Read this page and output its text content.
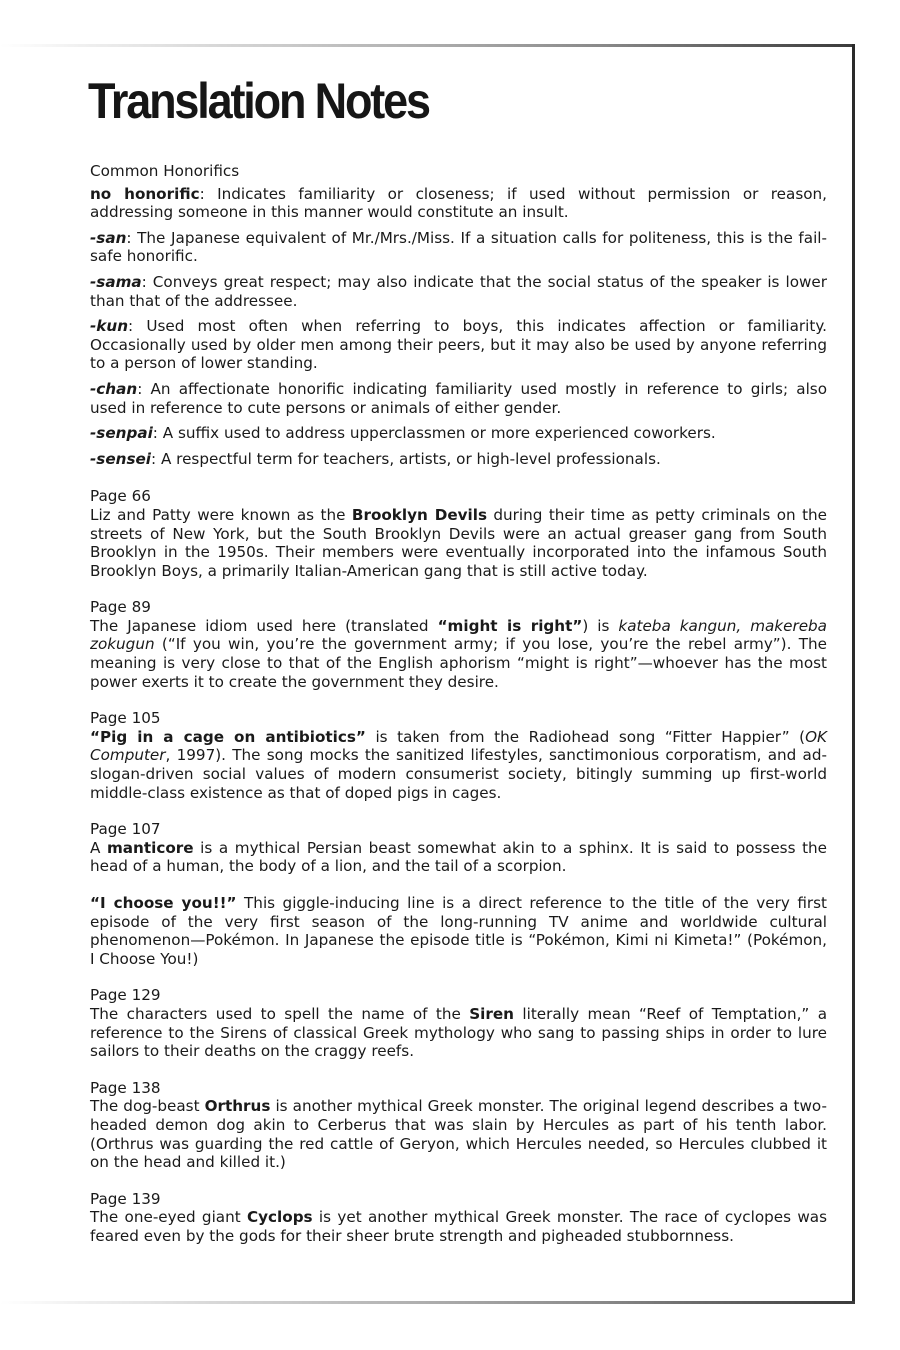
Translation Notes

Common Honorifics

no honorific: Indicates familiarity or closeness; if used without permission or reason, addressing someone in this manner would constitute an insult.

-san: The Japanese equivalent of Mr./Mrs./Miss. If a situation calls for politeness, this is the fail-safe honorific.

-sama: Conveys great respect; may also indicate that the social status of the speaker is lower than that of the addressee.

-kun: Used most often when referring to boys, this indicates affection or familiarity. Occasionally used by older men among their peers, but it may also be used by anyone referring to a person of lower standing.

-chan: An affectionate honorific indicating familiarity used mostly in reference to girls; also used in reference to cute persons or animals of either gender.

-senpai: A suffix used to address upperclassmen or more experienced coworkers.

-sensei: A respectful term for teachers, artists, or high-level professionals.

Page 66

Liz and Patty were known as the Brooklyn Devils during their time as petty criminals on the streets of New York, but the South Brooklyn Devils were an actual greaser gang from South Brooklyn in the 1950s. Their members were eventually incorporated into the infamous South Brooklyn Boys, a primarily Italian-American gang that is still active today.

Page 89

The Japanese idiom used here (translated “might is right”) is kateba kangun, makereba zokugun (“If you win, you’re the government army; if you lose, you’re the rebel army”). The meaning is very close to that of the English aphorism “might is right”—whoever has the most power exerts it to create the government they desire.

Page 105

“Pig in a cage on antibiotics” is taken from the Radiohead song “Fitter Happier” (OK Computer, 1997). The song mocks the sanitized lifestyles, sanctimonious corporatism, and ad-slogan-driven social values of modern consumerist society, bitingly summing up first-world middle-class existence as that of doped pigs in cages.

Page 107

A manticore is a mythical Persian beast somewhat akin to a sphinx. It is said to possess the head of a human, the body of a lion, and the tail of a scorpion.

“I choose you!!” This giggle-inducing line is a direct reference to the title of the very first episode of the very first season of the long-running TV anime and worldwide cultural phenomenon—Pokémon. In Japanese the episode title is “Pokémon, Kimi ni Kimeta!” (Pokémon, I Choose You!)

Page 129

The characters used to spell the name of the Siren literally mean “Reef of Temptation,” a reference to the Sirens of classical Greek mythology who sang to passing ships in order to lure sailors to their deaths on the craggy reefs.

Page 138

The dog-beast Orthrus is another mythical Greek monster. The original legend describes a two-headed demon dog akin to Cerberus that was slain by Hercules as part of his tenth labor. (Orthrus was guarding the red cattle of Geryon, which Hercules needed, so Hercules clubbed it on the head and killed it.)

Page 139

The one-eyed giant Cyclops is yet another mythical Greek monster. The race of cyclopes was feared even by the gods for their sheer brute strength and pigheaded stubbornness.
